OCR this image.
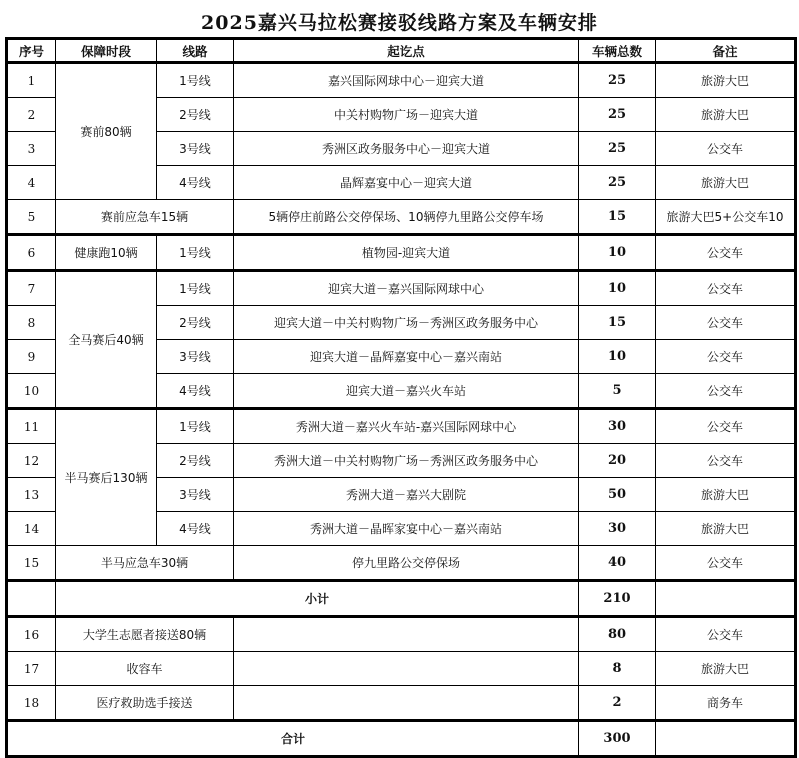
2025嘉兴马拉松赛接驳线路方案及车辆安排
序号	保障时段	线路	起讫点	车辆总数	备注
1	赛前80辆	1号线	嘉兴国际网球中心－迎宾大道	25	旅游大巴
2		2号线	中关村购物广场－迎宾大道	25	旅游大巴
3		3号线	秀洲区政务服务中心－迎宾大道	25	公交车
4		4号线	晶辉嘉宴中心－迎宾大道	25	旅游大巴
5	赛前应急车15辆		5辆停庄前路公交停保场、10辆停九里路公交停车场	15	旅游大巴5+公交车10
6	健康跑10辆	1号线	植物园-迎宾大道	10	公交车
7	全马赛后40辆	1号线	迎宾大道－嘉兴国际网球中心	10	公交车
8		2号线	迎宾大道－中关村购物广场－秀洲区政务服务中心	15	公交车
9		3号线	迎宾大道－晶辉嘉宴中心－嘉兴南站	10	公交车
10		4号线	迎宾大道－嘉兴火车站	5	公交车
11	半马赛后130辆	1号线	秀洲大道－嘉兴火车站-嘉兴国际网球中心	30	公交车
12		2号线	秀洲大道－中关村购物广场－秀洲区政务服务中心	20	公交车
13		3号线	秀洲大道－嘉兴大剧院	50	旅游大巴
14		4号线	秀洲大道－晶晖家宴中心－嘉兴南站	30	旅游大巴
15	半马应急车30辆		停九里路公交停保场	40	公交车
	小计			210	
16	大学生志愿者接送80辆			80	公交车
17	收容车			8	旅游大巴
18	医疗救助选手接送			2	商务车
合计				300	
